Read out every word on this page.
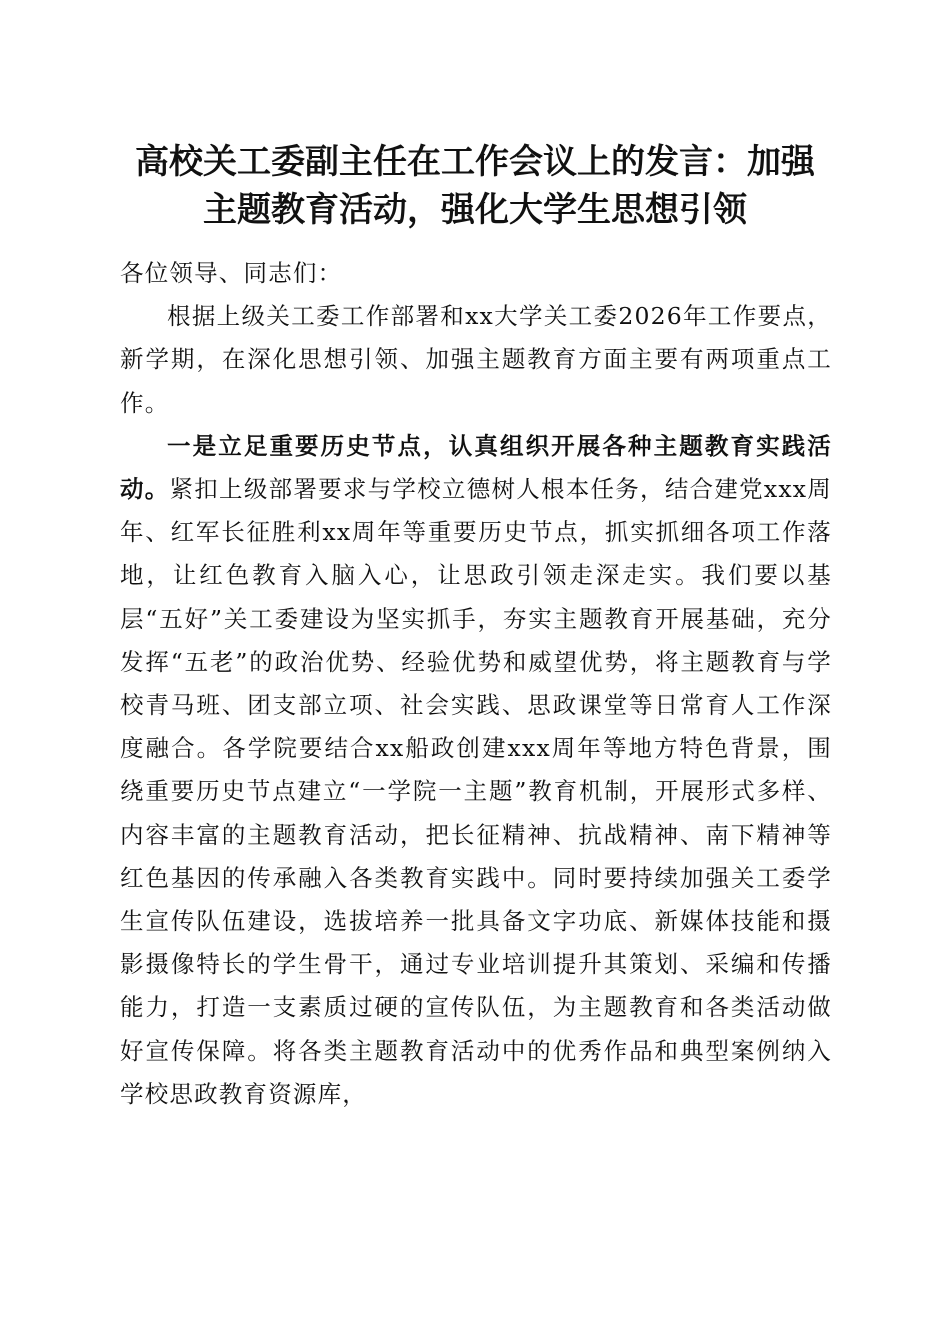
高校关工委副主任在工作会议上的发言：加强
主题教育活动，强化大学生思想引领

各位领导、同志们：

根据上级关工委工作部署和xx大学关工委2026年工作要点，新学期，在深化思想引领、加强主题教育方面主要有两项重点工作。

一是立足重要历史节点，认真组织开展各种主题教育实践活动。紧扣上级部署要求与学校立德树人根本任务，结合建党xxx周年、红军长征胜利xx周年等重要历史节点，抓实抓细各项工作落地，让红色教育入脑入心，让思政引领走深走实。我们要以基层“五好”关工委建设为坚实抓手，夯实主题教育开展基础，充分发挥“五老”的政治优势、经验优势和威望优势，将主题教育与学校青马班、团支部立项、社会实践、思政课堂等日常育人工作深度融合。各学院要结合xx船政创建xxx周年等地方特色背景，围绕重要历史节点建立“一学院一主题”教育机制，开展形式多样、内容丰富的主题教育活动，把长征精神、抗战精神、南下精神等红色基因的传承融入各类教育实践中。同时要持续加强关工委学生宣传队伍建设，选拔培养一批具备文字功底、新媒体技能和摄影摄像特长的学生骨干，通过专业培训提升其策划、采编和传播能力，打造一支素质过硬的宣传队伍，为主题教育和各类活动做好宣传保障。将各类主题教育活动中的优秀作品和典型案例纳入学校思政教育资源库，
